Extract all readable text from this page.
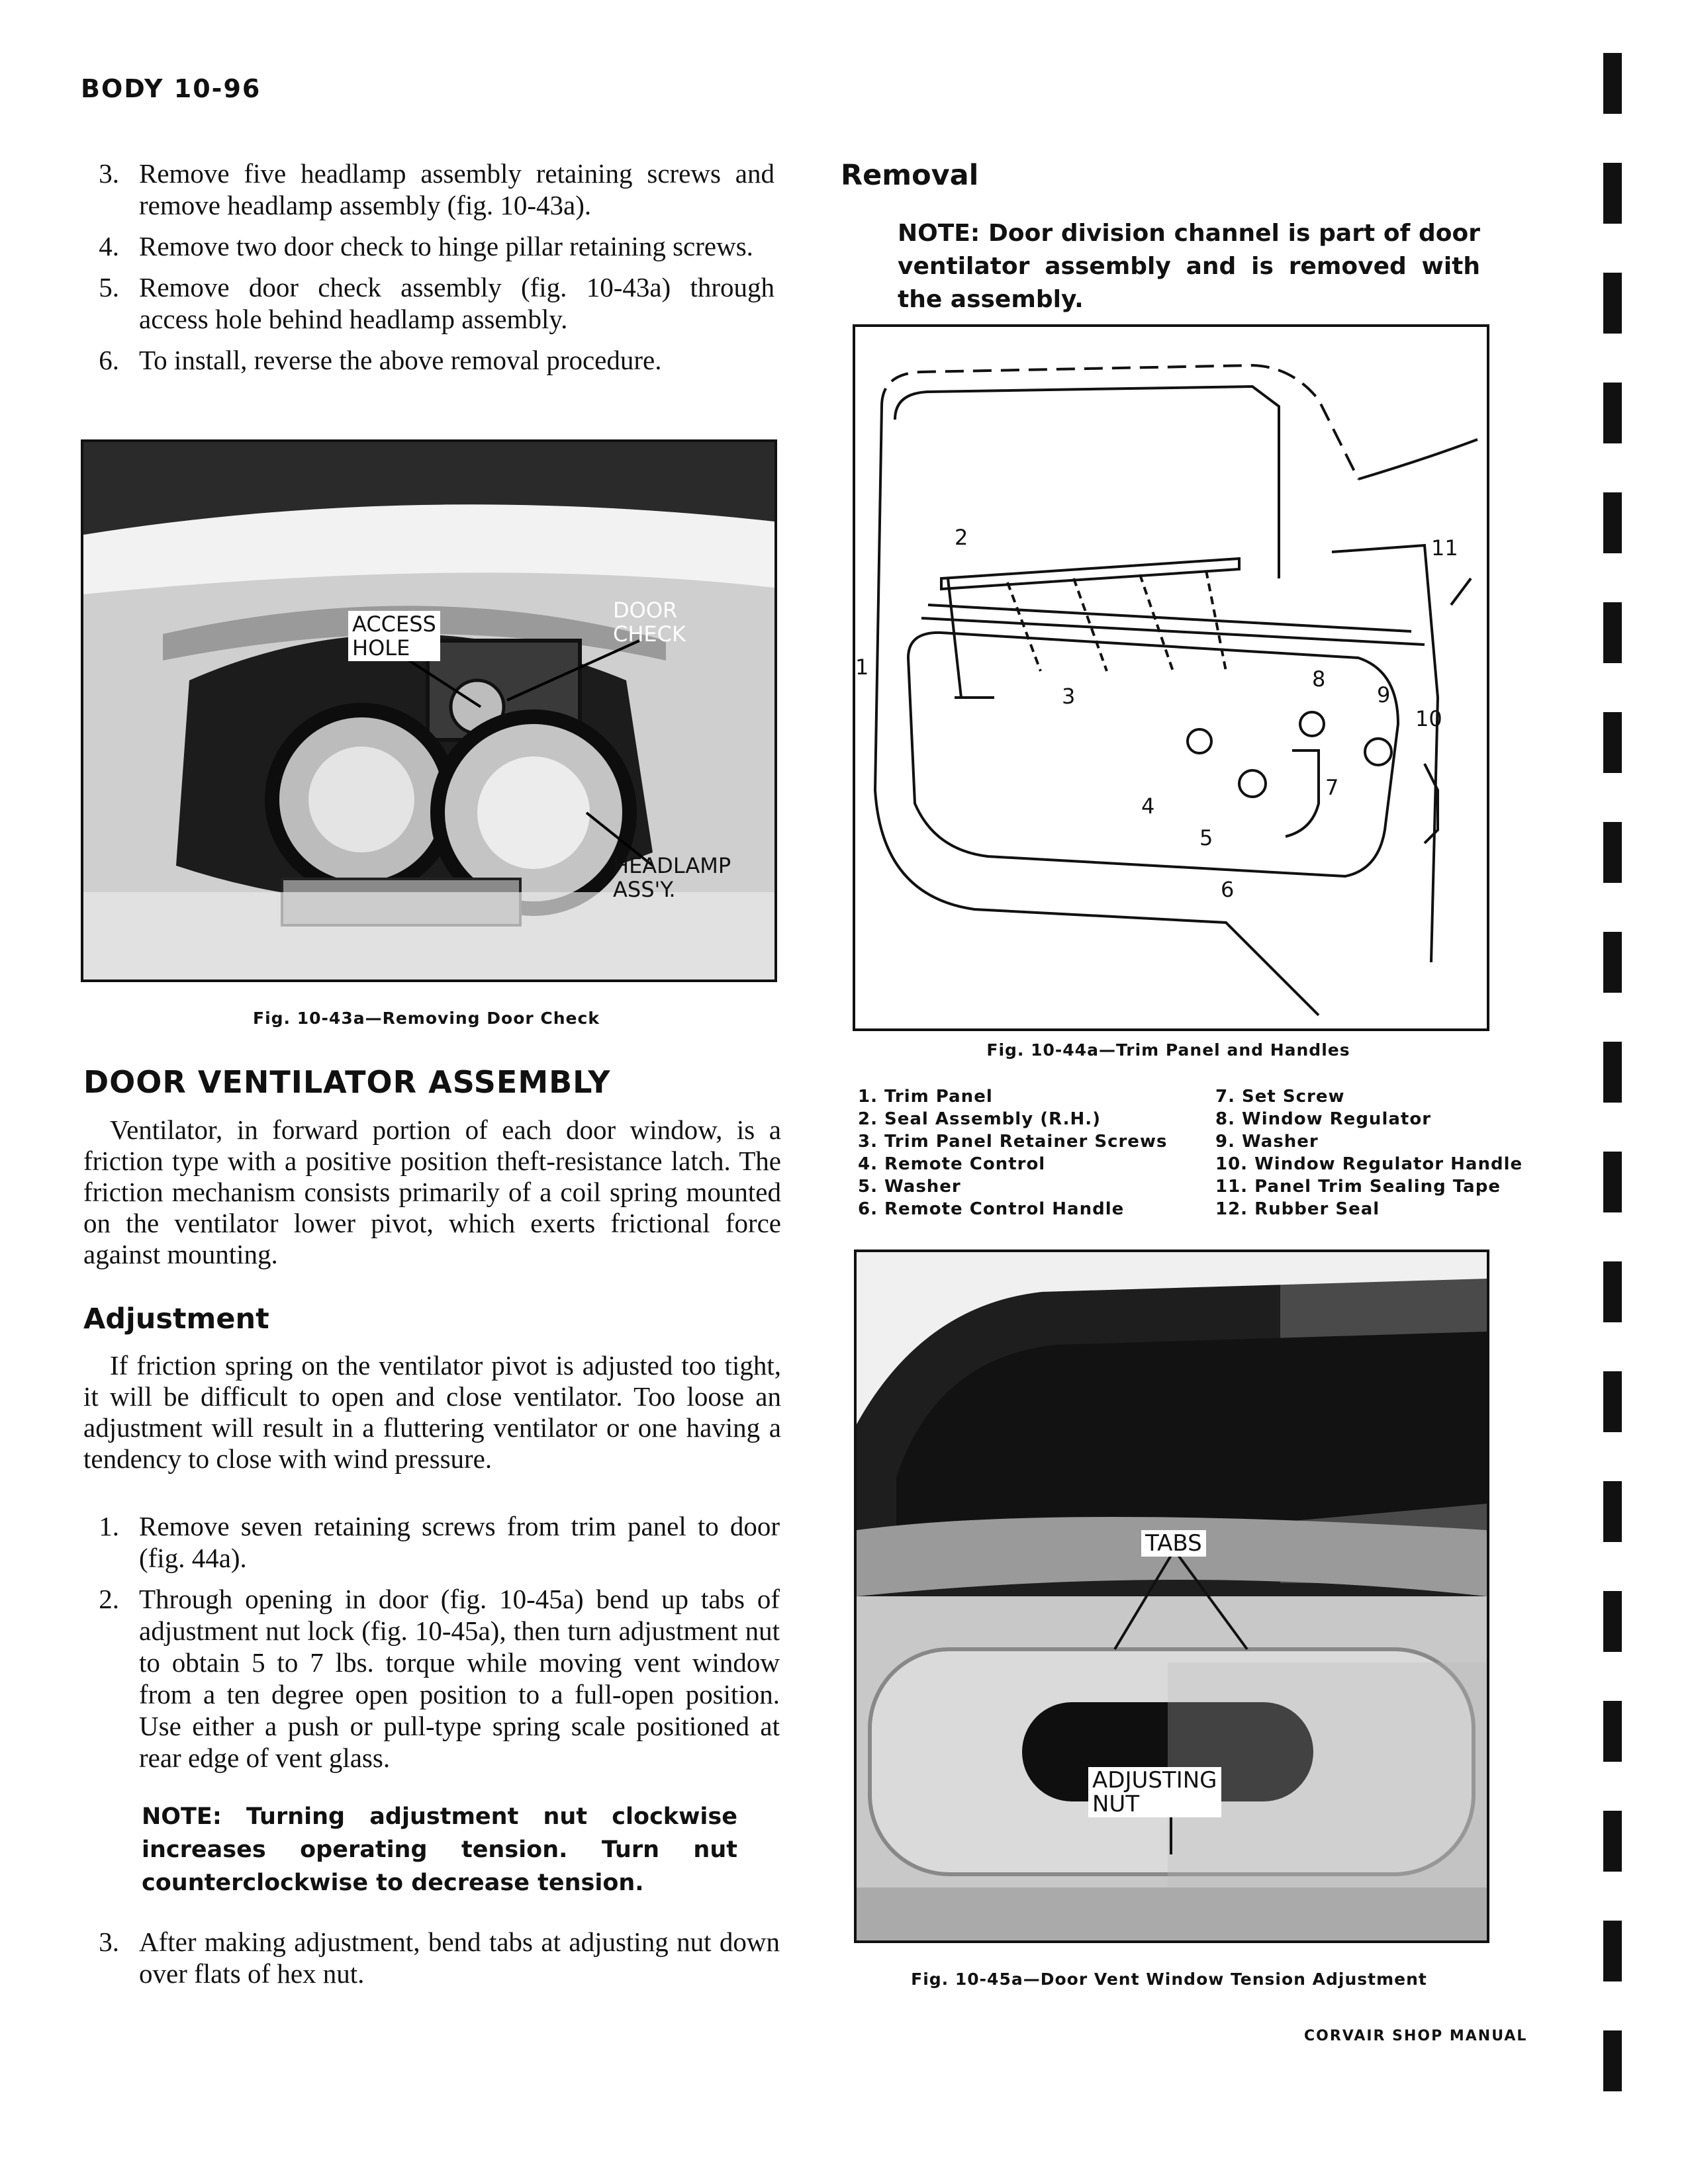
BODY 10-96
3. Remove five headlamp assembly retaining screws and remove headlamp assembly (fig. 10-43a).
4. Remove two door check to hinge pillar retaining screws.
5. Remove door check assembly (fig. 10-43a) through access hole behind headlamp assembly.
6. To install, reverse the above removal procedure.
ACCESS
HOLE
DOOR
CHECK
HEADLAMP
ASS'Y.
Fig. 10-43a—Removing Door Check
DOOR VENTILATOR ASSEMBLY

Ventilator, in forward portion of each door window, is a friction type with a positive position theft-resistance latch. The friction mechanism consists primarily of a coil spring mounted on the ventilator lower pivot, which exerts frictional force against mounting.

Adjustment

If friction spring on the ventilator pivot is adjusted too tight, it will be difficult to open and close ventilator. Too loose an adjustment will result in a fluttering ventilator or one having a tendency to close with wind pressure.

1. Remove seven retaining screws from trim panel to door (fig. 44a).
2. Through opening in door (fig. 10-45a) bend up tabs of adjustment nut lock (fig. 10-45a), then turn adjustment nut to obtain 5 to 7 lbs. torque while moving vent window from a ten degree open position to a full-open position. Use either a push or pull-type spring scale positioned at rear edge of vent glass.

NOTE: Turning adjustment nut clockwise increases operating tension. Turn nut counterclockwise to decrease tension.

3. After making adjustment, bend tabs at adjusting nut down over flats of hex nut.
Removal

NOTE: Door division channel is part of door ventilator assembly and is removed with the assembly.

2
1
3
4
5
6
7
8
9
10
11
Fig. 10-44a—Trim Panel and Handles
1. Trim Panel
2. Seal Assembly (R.H.)
3. Trim Panel Retainer Screws
4. Remote Control
5. Washer
6. Remote Control Handle
7. Set Screw
8. Window Regulator
9. Washer
10. Window Regulator Handle
11. Panel Trim Sealing Tape
12. Rubber Seal
TABS
ADJUSTING
NUT
Fig. 10-45a—Door Vent Window Tension Adjustment
CORVAIR SHOP MANUAL
